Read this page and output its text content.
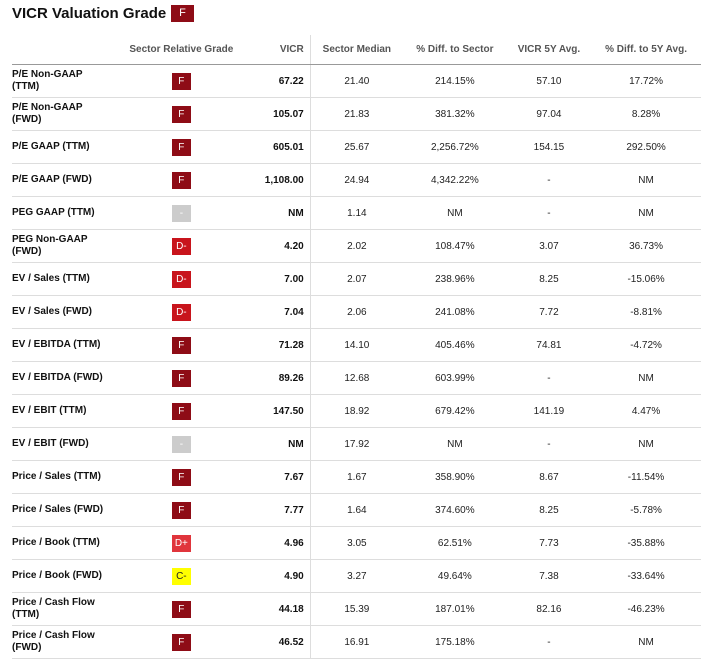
VICR Valuation Grade	F
	Sector Relative Grade	VICR	Sector Median	% Diff. to Sector	VICR 5Y Avg.	% Diff. to 5Y Avg.
P/E Non-GAAP (TTM)	F	67.22	21.40	214.15%	57.10	17.72%
P/E Non-GAAP (FWD)	F	105.07	21.83	381.32%	97.04	8.28%
P/E GAAP (TTM)	F	605.01	25.67	2,256.72%	154.15	292.50%
P/E GAAP (FWD)	F	1,108.00	24.94	4,342.22%	-	NM
PEG GAAP (TTM)	-	NM	1.14	NM	-	NM
PEG Non-GAAP (FWD)	D-	4.20	2.02	108.47%	3.07	36.73%
EV / Sales (TTM)	D-	7.00	2.07	238.96%	8.25	-15.06%
EV / Sales (FWD)	D-	7.04	2.06	241.08%	7.72	-8.81%
EV / EBITDA (TTM)	F	71.28	14.10	405.46%	74.81	-4.72%
EV / EBITDA (FWD)	F	89.26	12.68	603.99%	-	NM
EV / EBIT (TTM)	F	147.50	18.92	679.42%	141.19	4.47%
EV / EBIT (FWD)	-	NM	17.92	NM	-	NM
Price / Sales (TTM)	F	7.67	1.67	358.90%	8.67	-11.54%
Price / Sales (FWD)	F	7.77	1.64	374.60%	8.25	-5.78%
Price / Book (TTM)	D+	4.96	3.05	62.51%	7.73	-35.88%
Price / Book (FWD)	C-	4.90	3.27	49.64%	7.38	-33.64%
Price / Cash Flow (TTM)	F	44.18	15.39	187.01%	82.16	-46.23%
Price / Cash Flow (FWD)	F	46.52	16.91	175.18%	-	NM
